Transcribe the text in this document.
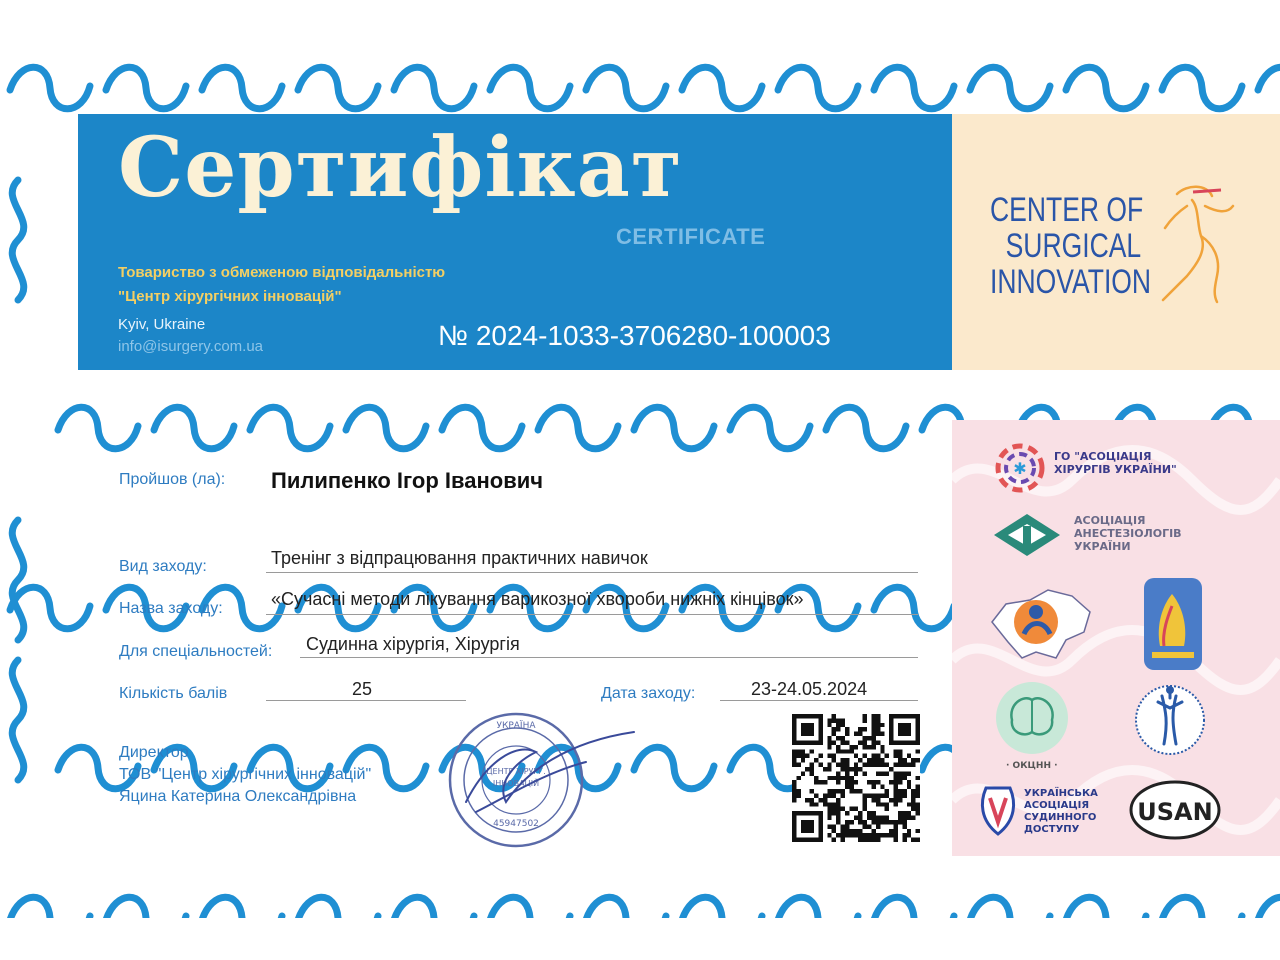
Сертифікат
CERTIFICATE
Товариство з обмеженою відповідальністю
"Центр хірургічних інновацій"
Kyiv, Ukraine
info@isurgery.com.ua	№ 2024-1033-3706280-100003
CENTER OF
SURGICAL
INNOVATION
Пройшов (ла): Пилипенко Ігор Іванович
Вид заходу:	Тренінг з відпрацювання практичних навичок
Назва заходу:	«Сучасні методи лікування варикозної хвороби нижніх кінцівок»
Для спеціальностей: Судинна хірургія, Хірургія
Кількість балів	25	Дата заходу:	23-24.05.2024
Директор
ТОВ "Центр хірургічних інновацій"
Яцина Катерина Олександрівна
УКРАЇНА
ЦЕНТР ХІРУРГ.
ІННОВАЦІЙ
45947502
✱
ГО "АСОЦІАЦІЯ
ХІРУРГІВ УКРАЇНИ"
АСОЦІАЦІЯ
АНЕСТЕЗІОЛОГІВ
УКРАЇНИ
· ОКЦНН ·
УКРАЇНСЬКА
АСОЦІАЦІЯ
СУДИННОГО
ДОСТУПУ
USAN
